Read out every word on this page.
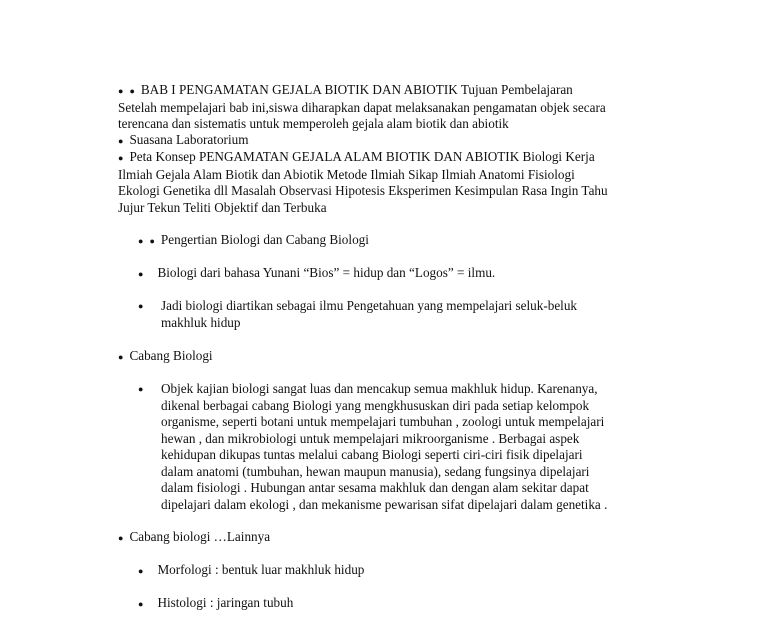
● ● BAB I PENGAMATAN GEJALA BIOTIK DAN ABIOTIK Tujuan Pembelajaran
Setelah mempelajari bab ini,siswa diharapkan dapat melaksanakan pengamatan objek secara
terencana dan sistematis untuk memperoleh gejala alam biotik dan abiotik
● Suasana Laboratorium
● Peta Konsep PENGAMATAN GEJALA ALAM BIOTIK DAN ABIOTIK Biologi Kerja
Ilmiah Gejala Alam Biotik dan Abiotik Metode Ilmiah Sikap Ilmiah Anatomi Fisiologi
Ekologi Genetika dll Masalah Observasi Hipotesis Eksperimen Kesimpulan Rasa Ingin Tahu
Jujur Tekun Teliti Objektif dan Terbuka
● ● Pengertian Biologi dan Cabang Biologi
● Biologi dari bahasa Yunani “Bios” = hidup dan “Logos” = ilmu.
●	Jadi biologi diartikan sebagai ilmu Pengetahuan yang mempelajari seluk-beluk
makhluk hidup
● Cabang Biologi
●	Objek kajian biologi sangat luas dan mencakup semua makhluk hidup. Karenanya,
dikenal berbagai cabang Biologi yang mengkhususkan diri pada setiap kelompok
organisme, seperti botani untuk mempelajari tumbuhan , zoologi untuk mempelajari
hewan , dan mikrobiologi untuk mempelajari mikroorganisme . Berbagai aspek
kehidupan dikupas tuntas melalui cabang Biologi seperti ciri-ciri fisik dipelajari
dalam anatomi (tumbuhan, hewan maupun manusia), sedang fungsinya dipelajari
dalam fisiologi . Hubungan antar sesama makhluk dan dengan alam sekitar dapat
dipelajari dalam ekologi , dan mekanisme pewarisan sifat dipelajari dalam genetika .
● Cabang biologi …Lainnya
● Morfologi : bentuk luar makhluk hidup
● Histologi : jaringan tubuh
